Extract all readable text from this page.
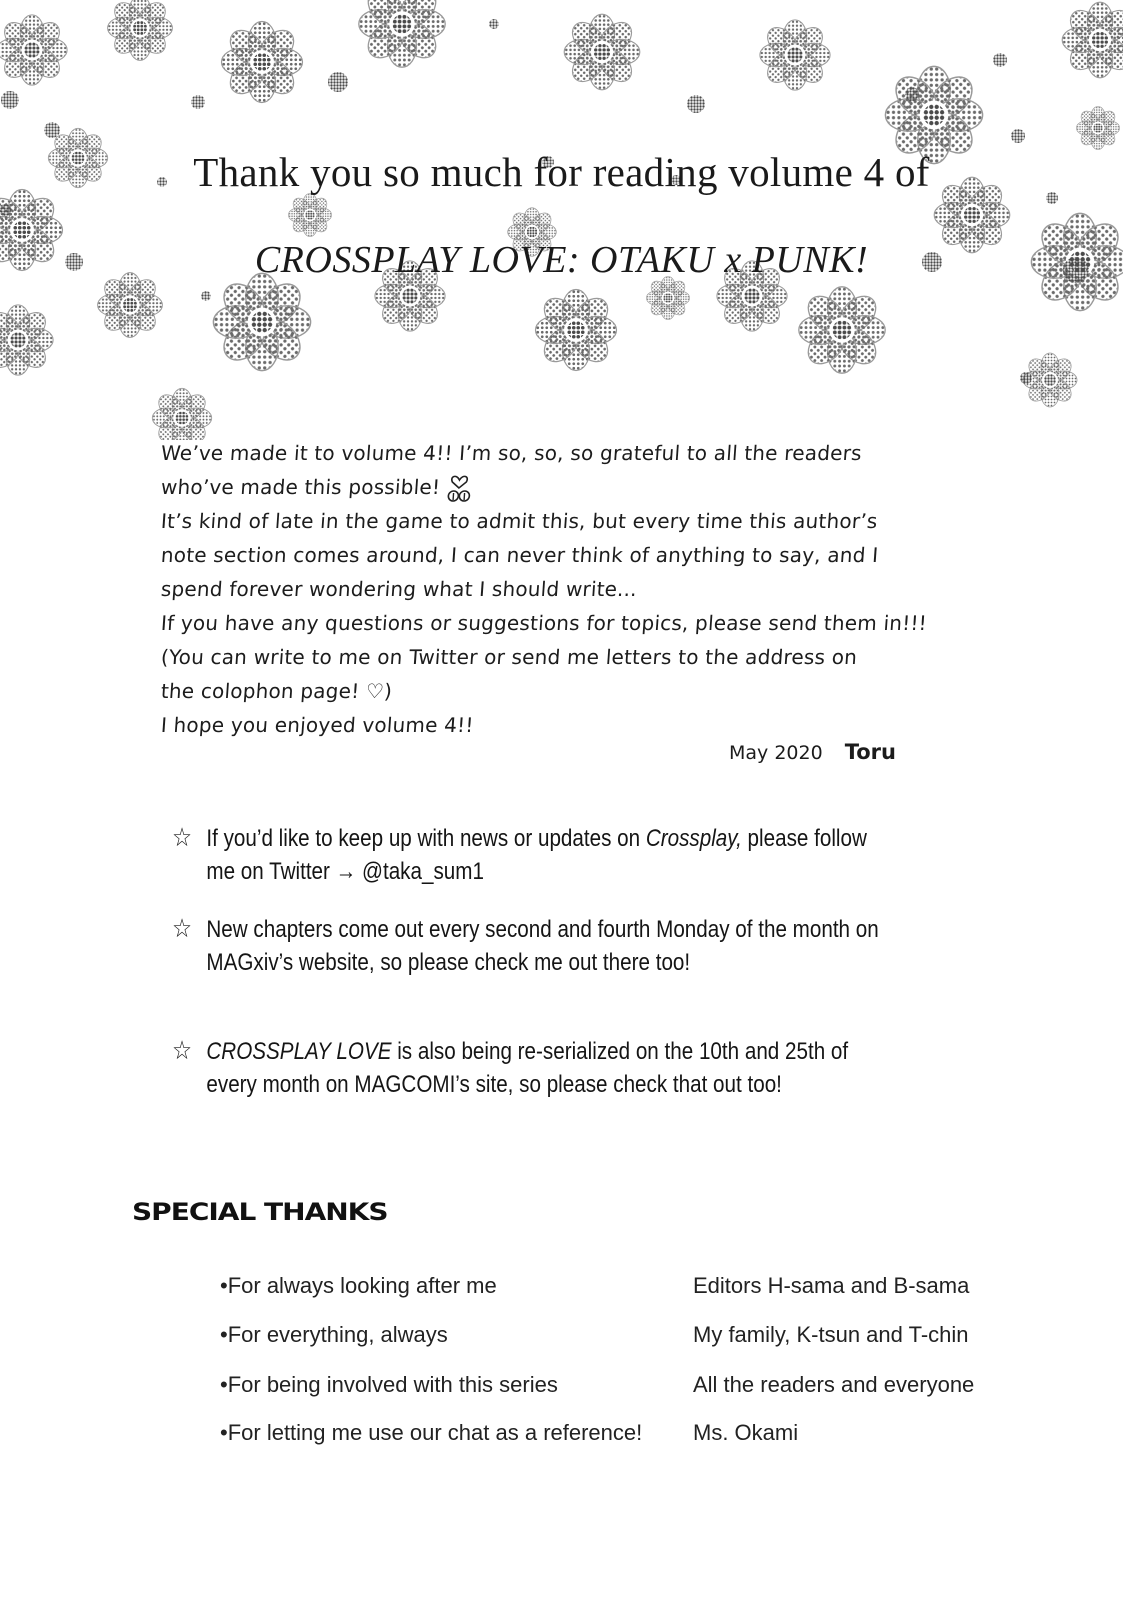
Thank you so much for reading volume 4 of
CROSSPLAY LOVE: OTAKU x PUNK!
We’ve made it to volume 4!! I’m so, so, so grateful to all the readers
who’ve made this possible!
It’s kind of late in the game to admit this, but every time this author’s
note section comes around, I can never think of anything to say, and I
spend forever wondering what I should write...
If you have any questions or suggestions for topics, please send them in!!!
(You can write to me on Twitter or send me letters to the address on
the colophon page! ♡)
I hope you enjoyed volume 4!!
May 2020 Toru
☆ If you’d like to keep up with news or updates on Crossplay, please follow me on Twitter → @taka_sum1
☆ New chapters come out every second and fourth Monday of the month on MAGxiv’s website, so please check me out there too!
☆ CROSSPLAY LOVE is also being re-serialized on the 10th and 25th of every month on MAGCOMI’s site, so please check that out too!
SPECIAL THANKS
•For always looking after me	Editors H-sama and B-sama
•For everything, always	My family, K-tsun and T-chin
•For being involved with this series	All the readers and everyone
•For letting me use our chat as a reference! Ms. Okami
